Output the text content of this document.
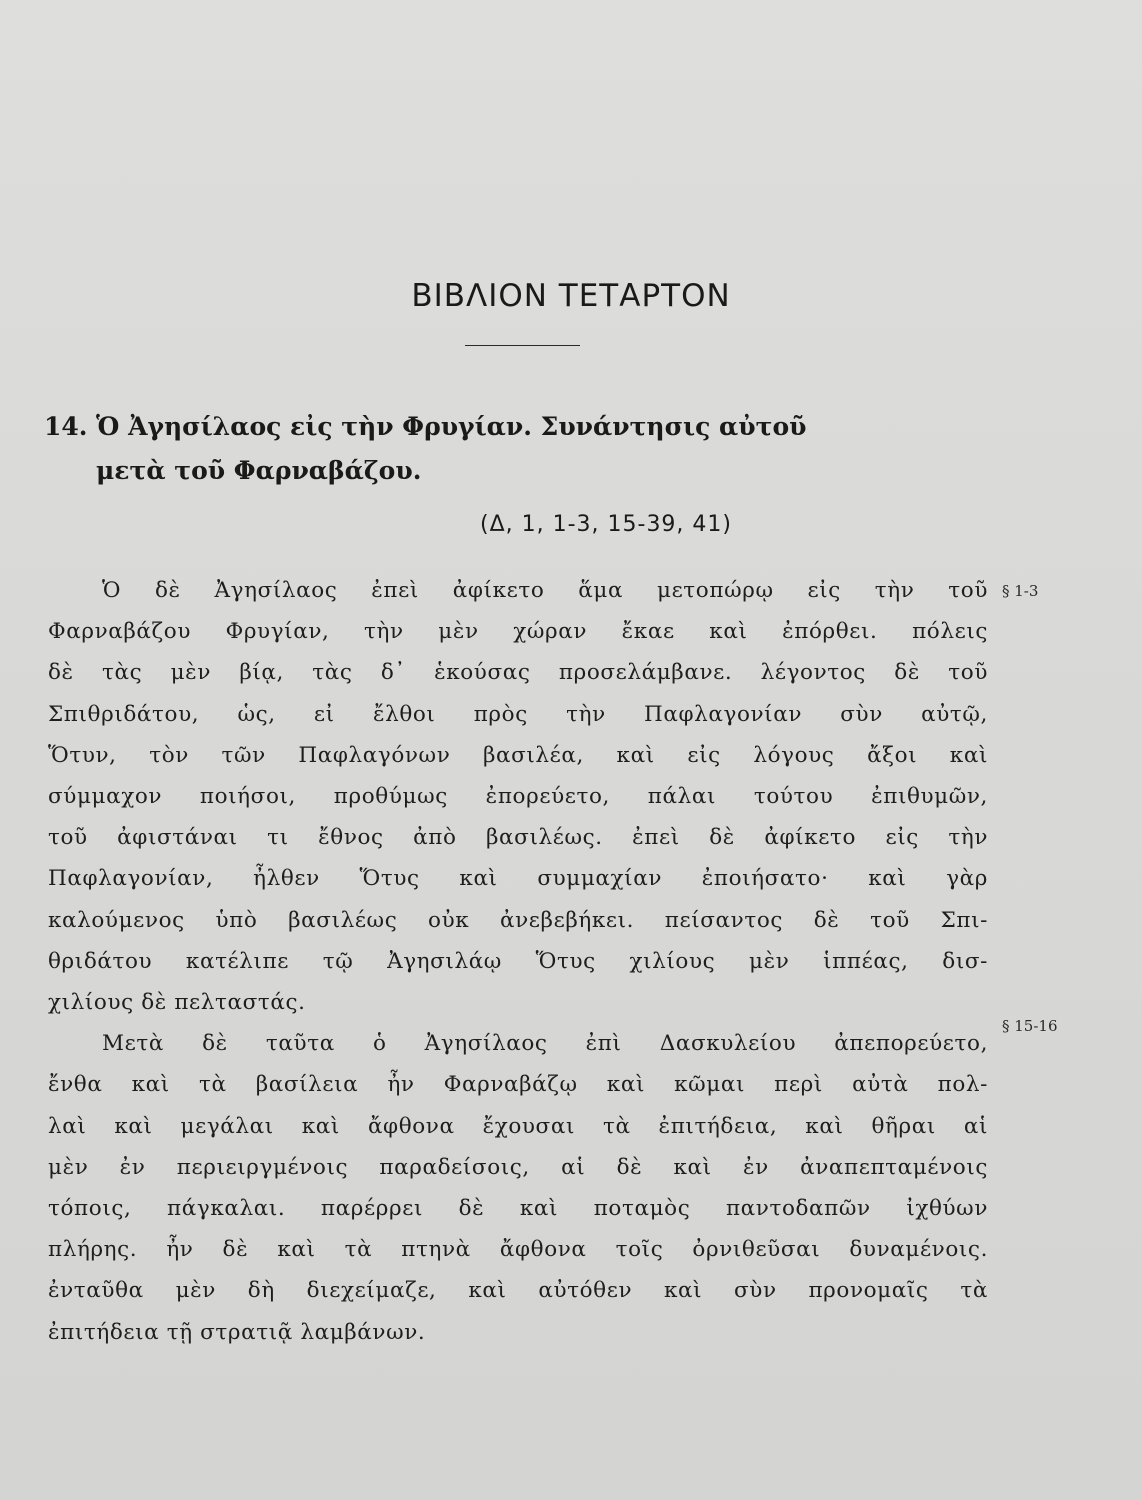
ΒΙΒΛΙΟΝ ΤΕΤΑΡΤΟΝ
14. Ὁ Ἀγησίλαος εἰς τὴν Φρυγίαν. Συνάντησις αὐτοῦ
μετὰ τοῦ Φαρναβάζου.
(Δ, 1, 1-3, 15-39, 41)
§ 1-3
§ 15-16
Ὁ δὲ Ἀγησίλαος ἐπεὶ ἀφίκετο ἅμα μετοπώρῳ εἰς τὴν τοῦ
Φαρναβάζου Φρυγίαν, τὴν μὲν χώραν ἔκαε καὶ ἐπόρθει. πόλεις
δὲ τὰς μὲν βίᾳ, τὰς δ᾽ ἑκούσας προσελάμβανε. λέγοντος δὲ τοῦ
Σπιθριδάτου, ὡς, εἰ ἔλθοι πρὸς τὴν Παφλαγονίαν σὺν αὐτῷ,
Ὅτυν, τὸν τῶν Παφλαγόνων βασιλέα, καὶ εἰς λόγους ἄξοι καὶ
σύμμαχον ποιήσοι, προθύμως ἐπορεύετο, πάλαι τούτου ἐπιθυμῶν,
τοῦ ἀφιστάναι τι ἔθνος ἀπὸ βασιλέως. ἐπεὶ δὲ ἀφίκετο εἰς τὴν
Παφλαγονίαν, ἦλθεν Ὅτυς καὶ συμμαχίαν ἐποιήσατο· καὶ γὰρ
καλούμενος ὑπὸ βασιλέως οὐκ ἀνεβεβήκει. πείσαντος δὲ τοῦ Σπι-
θριδάτου κατέλιπε τῷ Ἀγησιλάῳ Ὅτυς χιλίους μὲν ἱππέας, δισ-
χιλίους δὲ πελταστάς.
Μετὰ δὲ ταῦτα ὁ Ἀγησίλαος ἐπὶ Δασκυλείου ἀπεπορεύετο,
ἔνθα καὶ τὰ βασίλεια ἦν Φαρναβάζῳ καὶ κῶμαι περὶ αὐτὰ πολ-
λαὶ καὶ μεγάλαι καὶ ἄφθονα ἔχουσαι τὰ ἐπιτήδεια, καὶ θῆραι αἱ
μὲν ἐν περιειργμένοις παραδείσοις, αἱ δὲ καὶ ἐν ἀναπεπταμένοις
τόποις, πάγκαλαι. παρέρρει δὲ καὶ ποταμὸς παντοδαπῶν ἰχθύων
πλήρης. ἦν δὲ καὶ τὰ πτηνὰ ἄφθονα τοῖς ὀρνιθεῦσαι δυναμένοις.
ἐνταῦθα μὲν δὴ διεχείμαζε, καὶ αὐτόθεν καὶ σὺν προνομαῖς τὰ
ἐπιτήδεια τῇ στρατιᾷ λαμβάνων.
